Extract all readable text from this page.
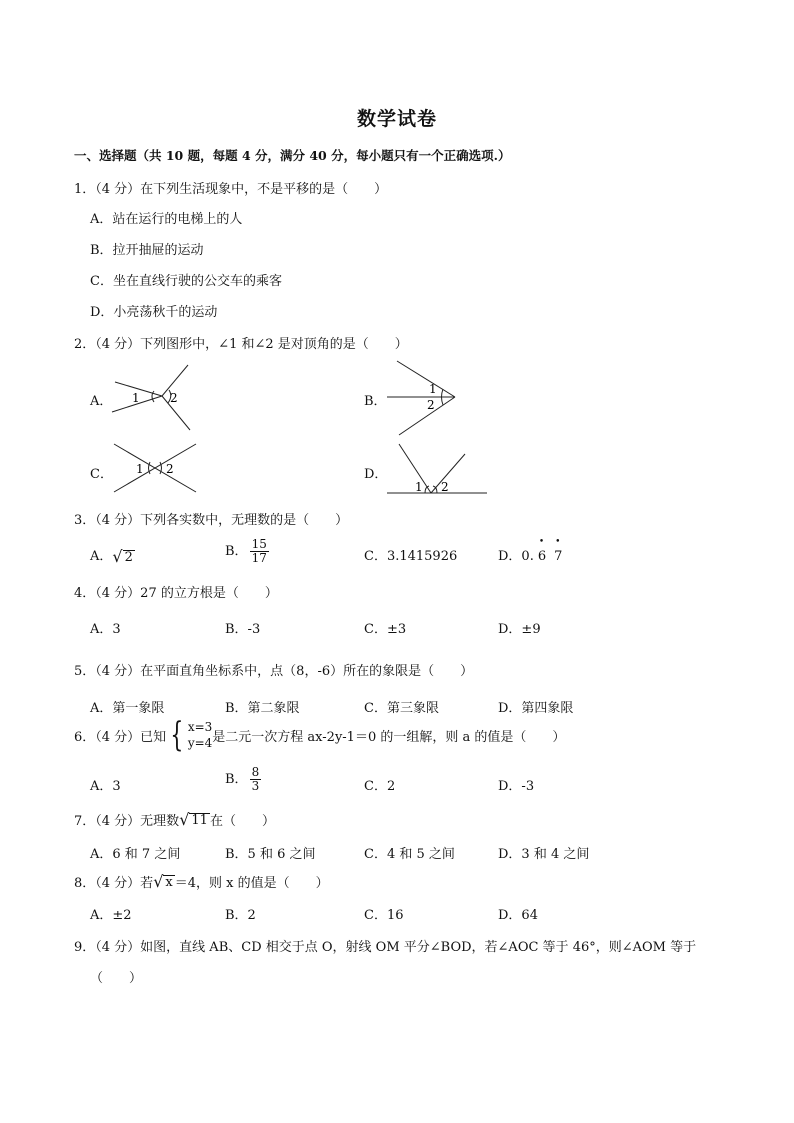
数学试卷
一、选择题（共 10 题，每题 4 分，满分 40 分，每小题只有一个正确选项.）
1．（4 分）在下列生活现象中，不是平移的是（　　）
A．站在运行的电梯上的人
B．拉开抽屉的运动
C．坐在直线行驶的公交车的乘客
D．小亮荡秋千的运动
2．（4 分）下列图形中，∠1 和∠2 是对顶角的是（　　）
A．	B．
C．	D．
1	2
1
2
1 2
1 2
3．（4 分）下列各实数中，无理数的是（　　）
A． √ 2	B． $\frac{15}{17}$	C．3.1415926	D．0. • 6 • 7
4．（4 分）27 的立方根是（　　）
A．3	B．-3	C．±3	D．±9
5．（4 分）在平面直角坐标系中，点（8，-6）所在的象限是（　　）
A．第一象限	B．第二象限	C．第三象限	D．第四象限
6．（4 分）已知 { x=3
y=4 是二元一次方程 ax-2y-1＝0 的一组解，则 a 的值是（　　）
A．3	B． $\frac{8}{3}$	C．2	D．-3
7．（4 分）无理数 √ 11 在（　　）
A．6 和 7 之间	B．5 和 6 之间	C．4 和 5 之间	D．3 和 4 之间
8．（4 分）若 √ x ＝4，则 x 的值是（　　）
A．±2	B．2	C．16	D．64
9．（4 分）如图，直线 AB、CD 相交于点 O，射线 OM 平分∠BOD，若∠AOC 等于 46°，则∠AOM 等于
（　　）
